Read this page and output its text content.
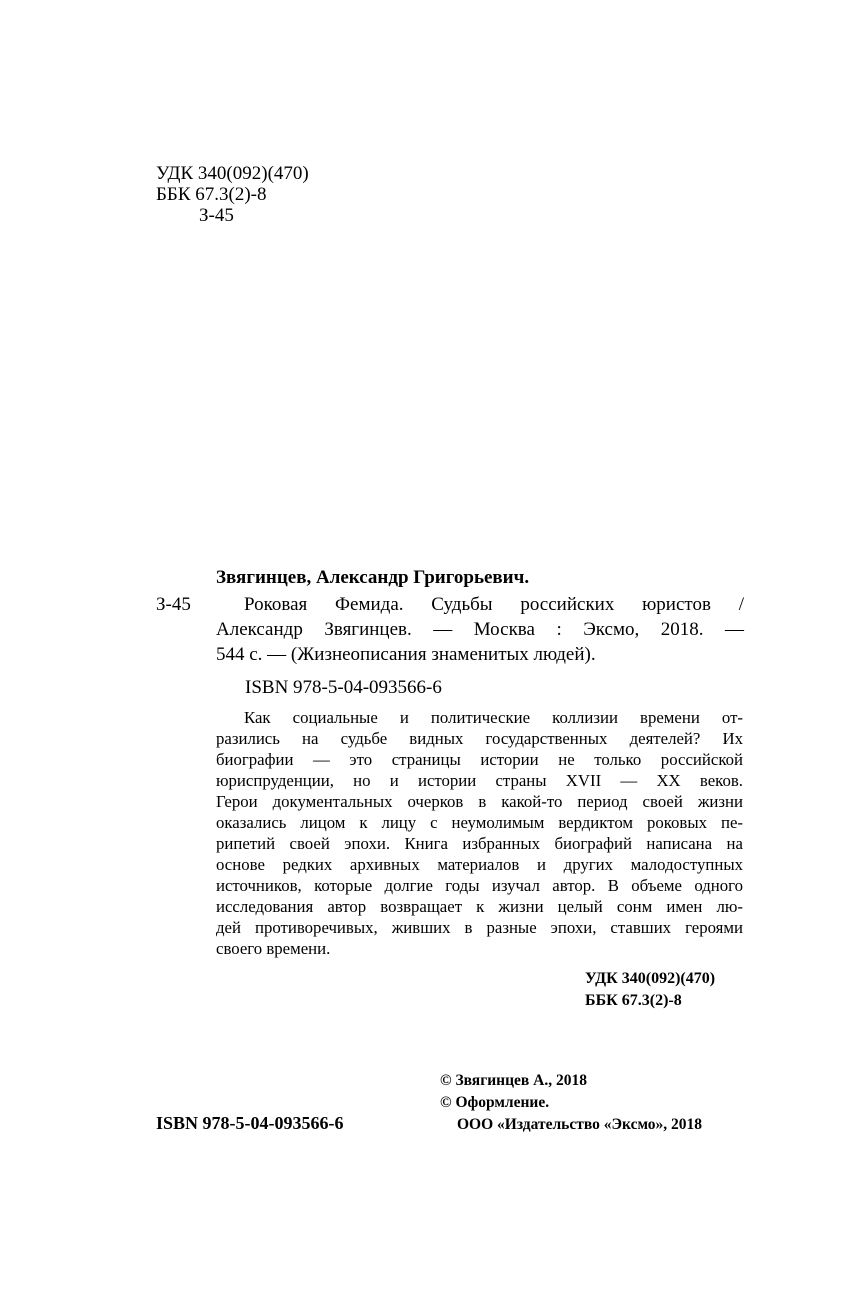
УДК 340(092)(470)
ББК 67.3(2)-8
З-45
Звягинцев, Александр Григорьевич.
З-45	Роковая Фемида. Судьбы российских юристов /
Александр Звягинцев. — Москва : Эксмо, 2018. —
544 с. — (Жизнеописания знаменитых людей).
ISBN 978-5-04-093566-6
Как социальные и политические коллизии времени от-
разились на судьбе видных государственных деятелей? Их
биографии — это страницы истории не только российской
юриспруденции, но и истории страны XVII — XX веков.
Герои документальных очерков в какой-то период своей жизни
оказались лицом к лицу с неумолимым вердиктом роковых пе-
рипетий своей эпохи. Книга избранных биографий написана на
основе редких архивных материалов и других малодоступных
источников, которые долгие годы изучал автор. В объеме одного
исследования автор возвращает к жизни целый сонм имен лю-
дей противоречивых, живших в разные эпохи, ставших героями
своего времени.
УДК 340(092)(470)
ББК 67.3(2)-8
ISBN 978-5-04-093566-6
© Звягинцев А., 2018
© Оформление.
ООО «Издательство «Эксмо», 2018
